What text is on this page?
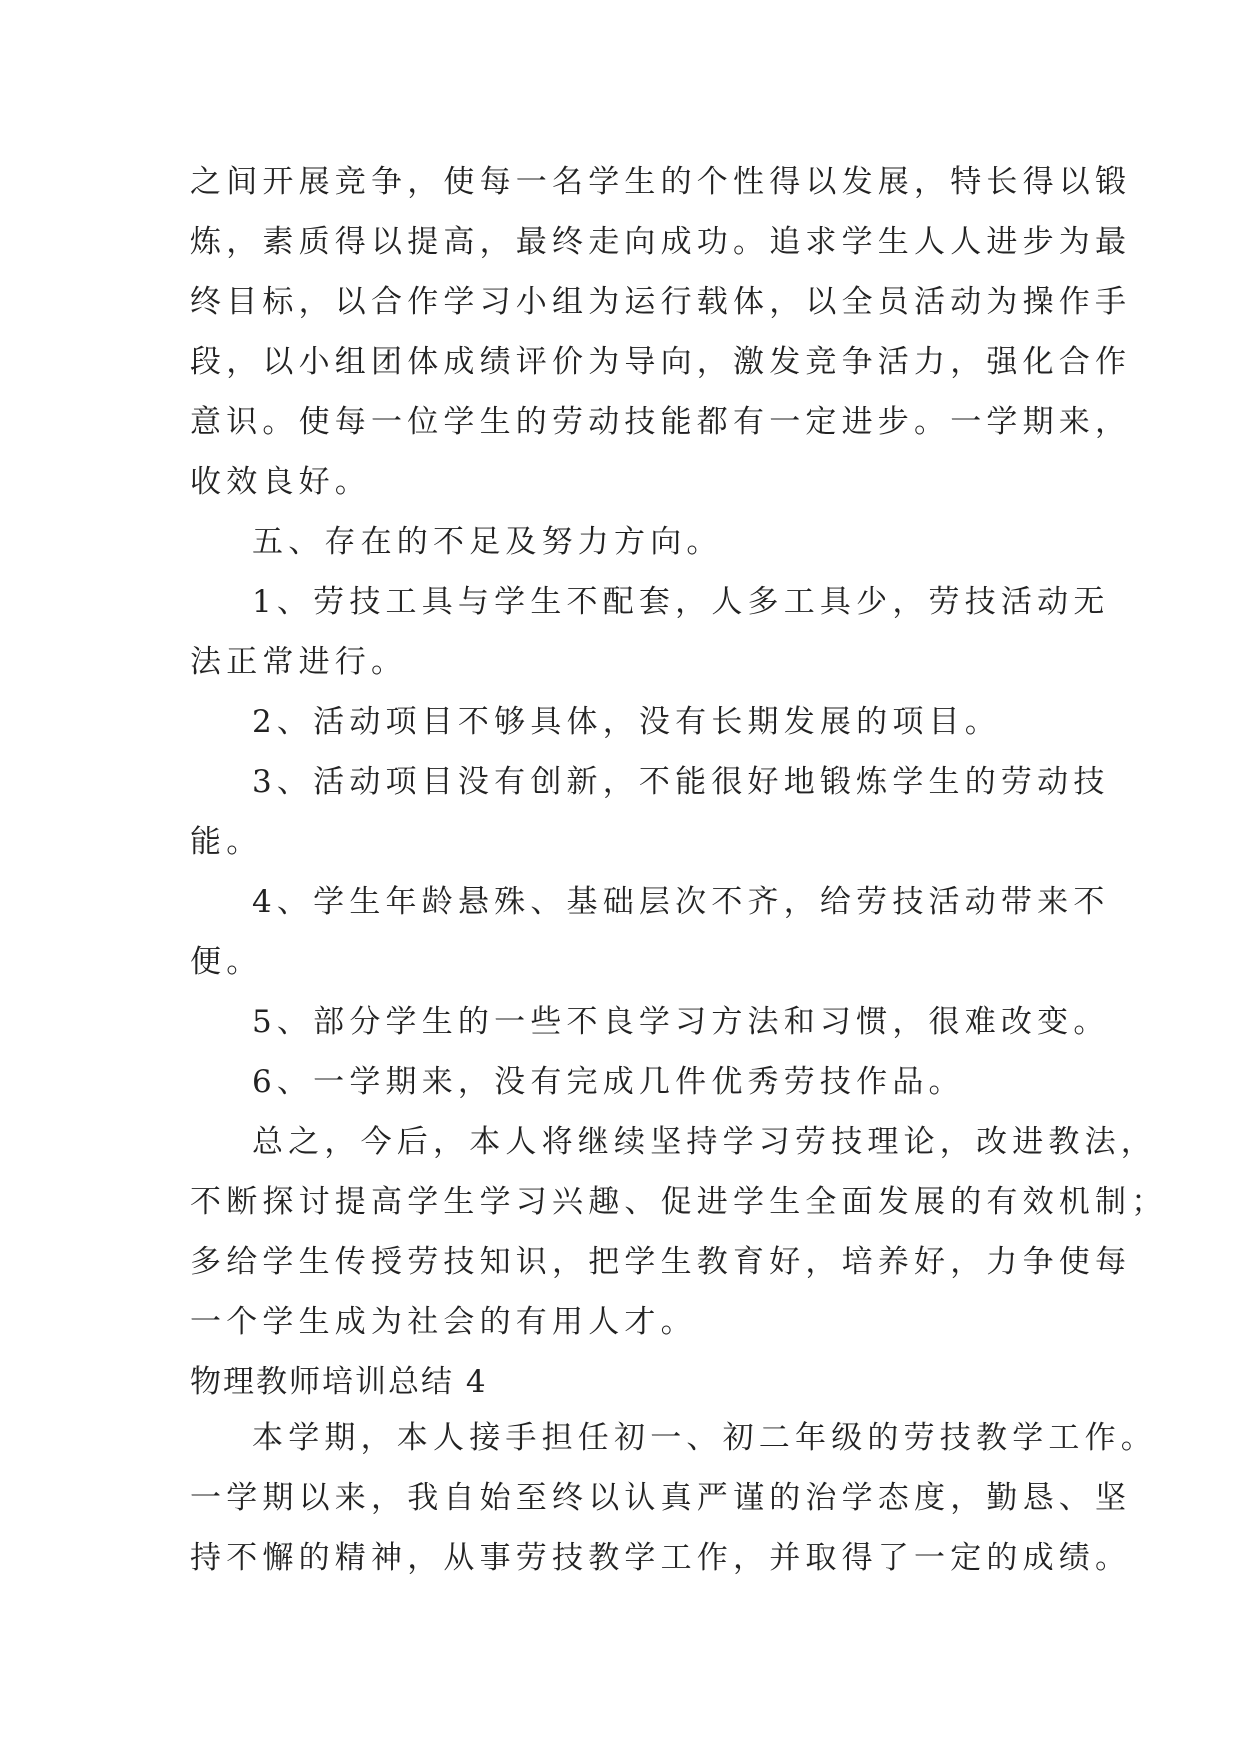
之间开展竞争，使每一名学生的个性得以发展，特长得以锻
炼，素质得以提高，最终走向成功。追求学生人人进步为最
终目标，以合作学习小组为运行载体，以全员活动为操作手
段，以小组团体成绩评价为导向，激发竞争活力，强化合作
意识。使每一位学生的劳动技能都有一定进步。一学期来，
收效良好。
五、存在的不足及努力方向。
1、劳技工具与学生不配套，人多工具少，劳技活动无
法正常进行。
2、活动项目不够具体，没有长期发展的项目。
3、活动项目没有创新，不能很好地锻炼学生的劳动技
能。
4、学生年龄悬殊、基础层次不齐，给劳技活动带来不
便。
5、部分学生的一些不良学习方法和习惯，很难改变。
6、一学期来，没有完成几件优秀劳技作品。
总之，今后，本人将继续坚持学习劳技理论，改进教法，
不断探讨提高学生学习兴趣、促进学生全面发展的有效机制；
多给学生传授劳技知识，把学生教育好，培养好，力争使每
一个学生成为社会的有用人才。
物理教师培训总结 4
本学期，本人接手担任初一、初二年级的劳技教学工作。
一学期以来，我自始至终以认真严谨的治学态度，勤恳、坚
持不懈的精神，从事劳技教学工作，并取得了一定的成绩。
